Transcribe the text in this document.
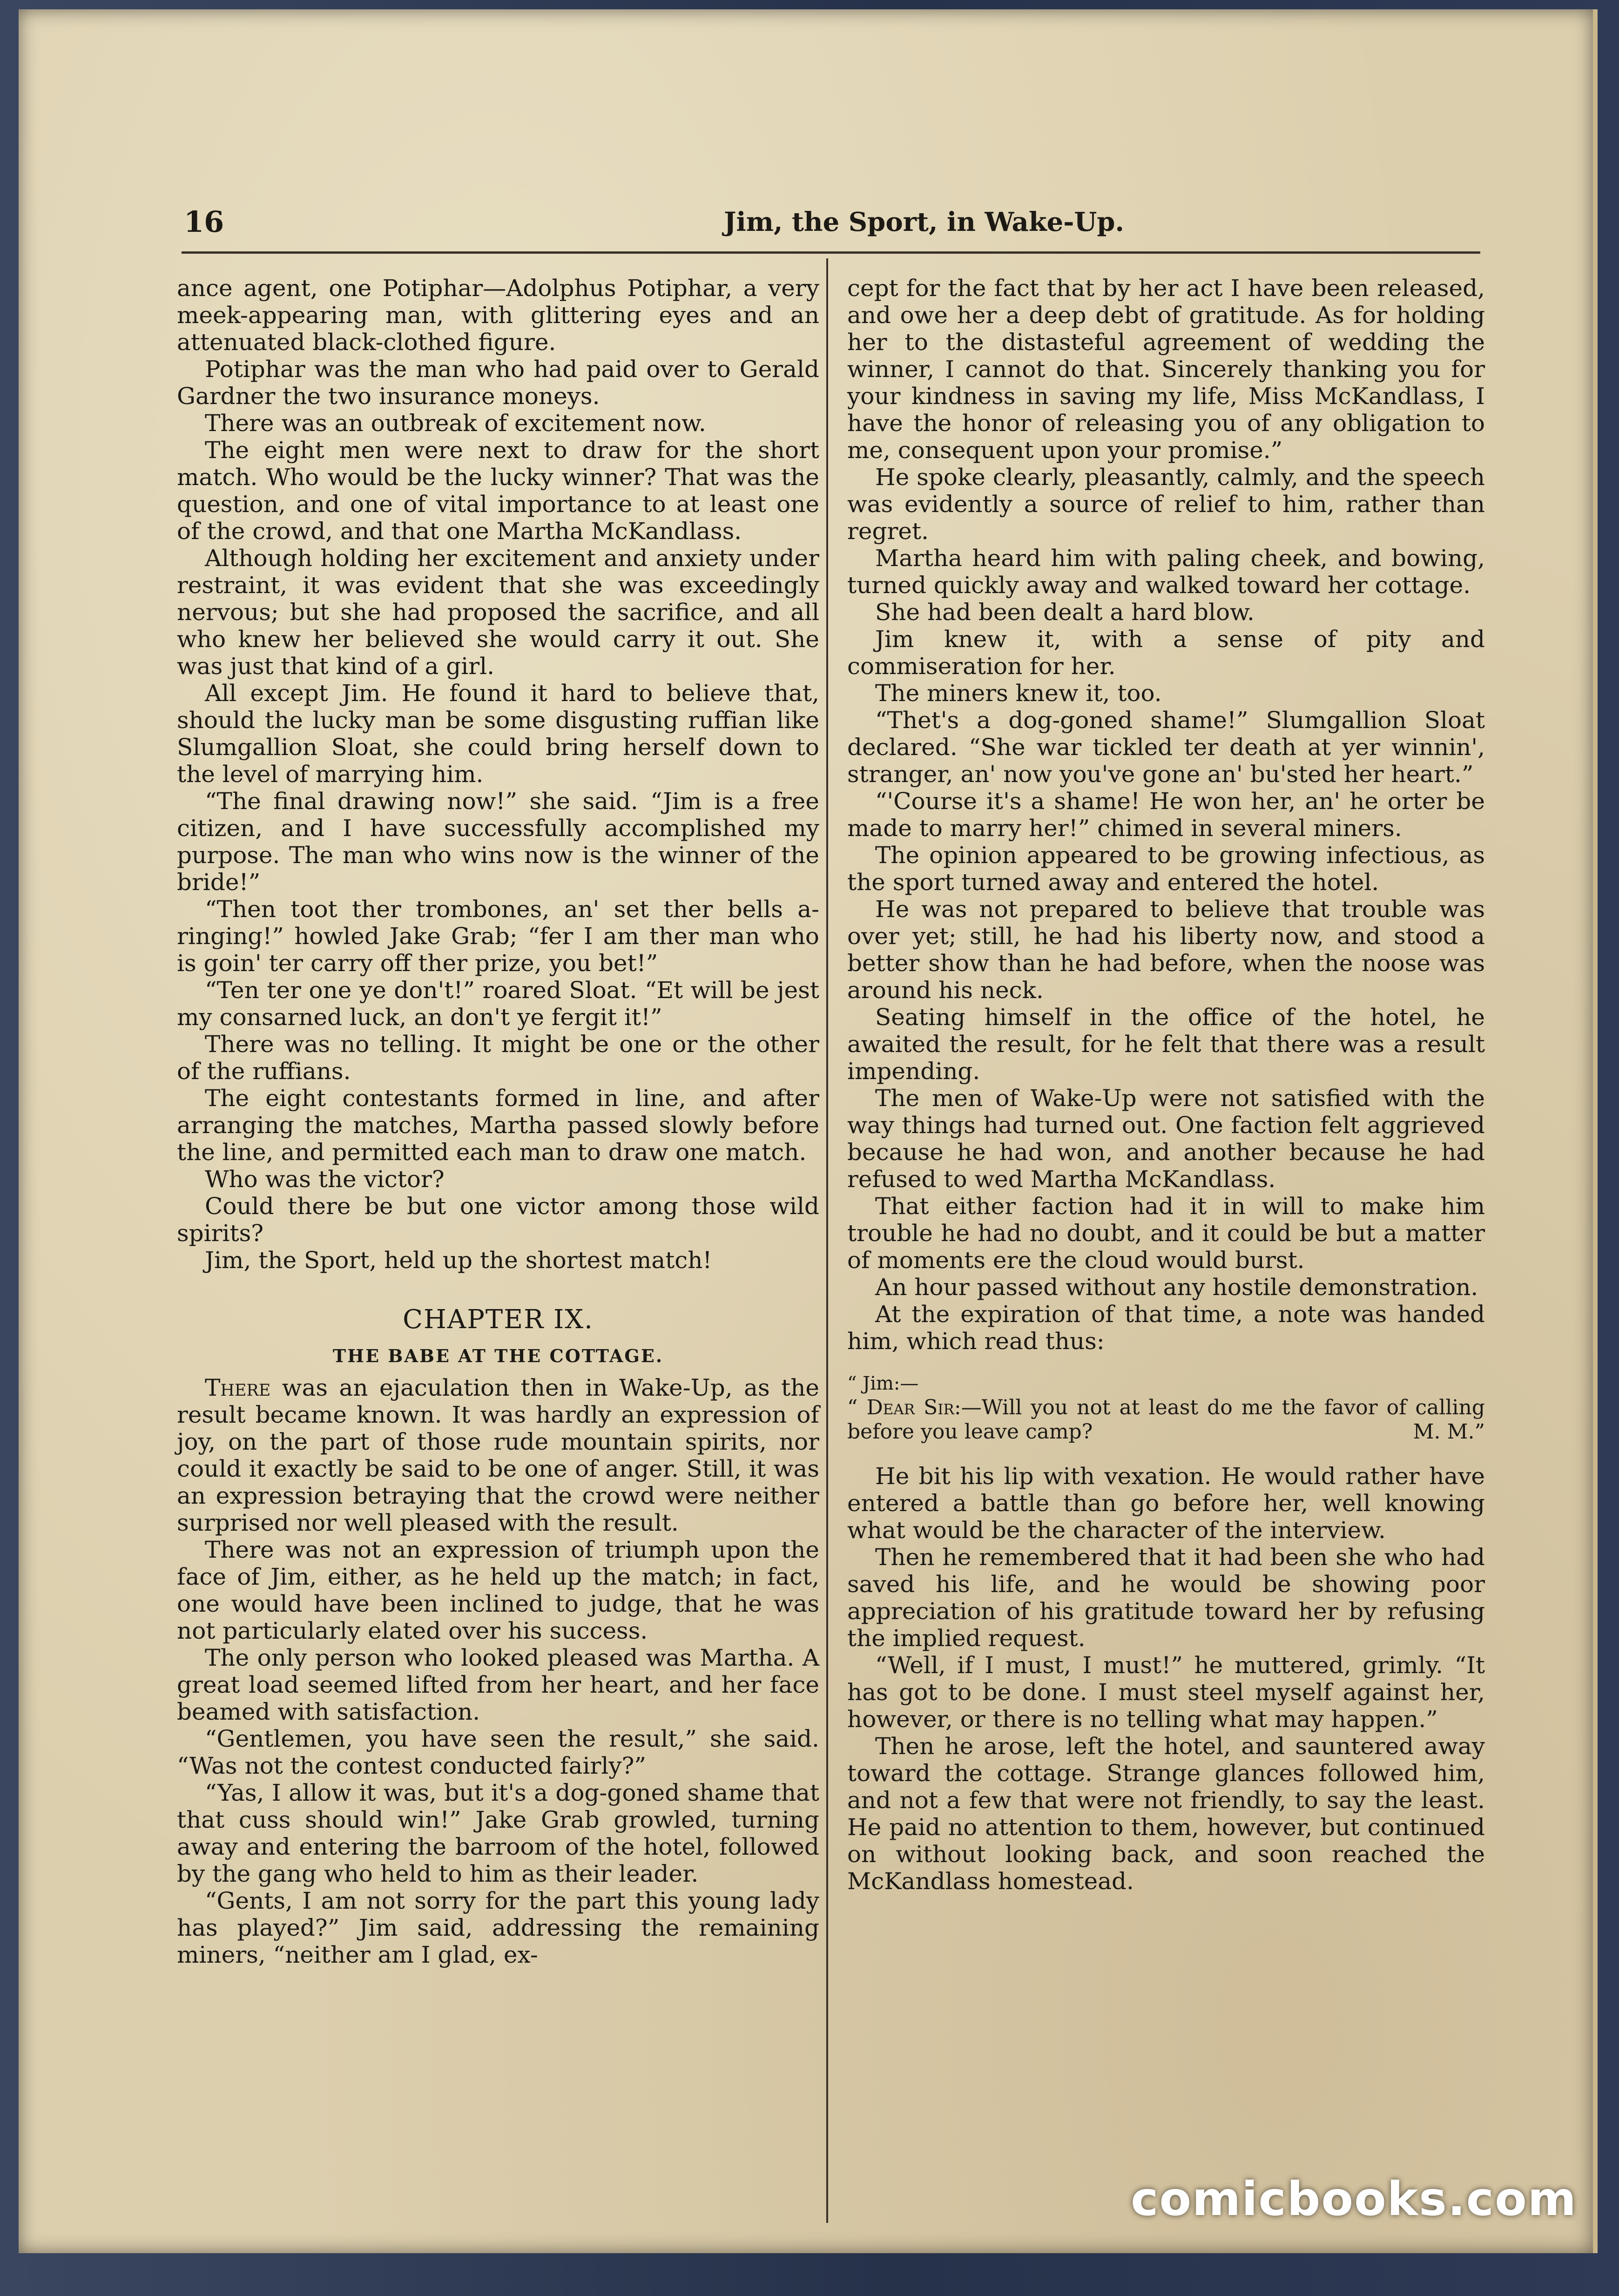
16	Jim, the Sport, in Wake-Up.

ance agent, one Potiphar—Adolphus Potiphar, a very meek-appearing man, with glittering eyes and an attenuated black-clothed figure.

Potiphar was the man who had paid over to Gerald Gardner the two insurance moneys.

There was an outbreak of excitement now.

The eight men were next to draw for the short match. Who would be the lucky winner? That was the question, and one of vital importance to at least one of the crowd, and that one Martha McKandlass.

Although holding her excitement and anxiety under restraint, it was evident that she was exceedingly nervous; but she had proposed the sacrifice, and all who knew her believed she would carry it out. She was just that kind of a girl.

All except Jim. He found it hard to believe that, should the lucky man be some disgusting ruffian like Slumgallion Sloat, she could bring herself down to the level of marrying him.

“The final drawing now!” she said. “Jim is a free citizen, and I have successfully accomplished my purpose. The man who wins now is the winner of the bride!”

“Then toot ther trombones, an' set ther bells a-ringing!” howled Jake Grab; “fer I am ther man who is goin' ter carry off ther prize, you bet!”

“Ten ter one ye don't!” roared Sloat. “Et will be jest my consarned luck, an don't ye fergit it!”

There was no telling. It might be one or the other of the ruffians.

The eight contestants formed in line, and after arranging the matches, Martha passed slowly before the line, and permitted each man to draw one match.

Who was the victor?

Could there be but one victor among those wild spirits?

Jim, the Sport, held up the shortest match!

CHAPTER IX.
THE BABE AT THE COTTAGE.

There was an ejaculation then in Wake-Up, as the result became known. It was hardly an expression of joy, on the part of those rude mountain spirits, nor could it exactly be said to be one of anger. Still, it was an expression betraying that the crowd were neither surprised nor well pleased with the result.

There was not an expression of triumph upon the face of Jim, either, as he held up the match; in fact, one would have been inclined to judge, that he was not particularly elated over his success.

The only person who looked pleased was Martha. A great load seemed lifted from her heart, and her face beamed with satisfaction.

“Gentlemen, you have seen the result,” she said. “Was not the contest conducted fairly?”

“Yas, I allow it was, but it's a dog-goned shame that that cuss should win!” Jake Grab growled, turning away and entering the barroom of the hotel, followed by the gang who held to him as their leader.

“Gents, I am not sorry for the part this young lady has played?” Jim said, addressing the remaining miners, “neither am I glad, ex-

cept for the fact that by her act I have been released, and owe her a deep debt of gratitude. As for holding her to the distasteful agreement of wedding the winner, I cannot do that. Sincerely thanking you for your kindness in saving my life, Miss McKandlass, I have the honor of releasing you of any obligation to me, consequent upon your promise.”

He spoke clearly, pleasantly, calmly, and the speech was evidently a source of relief to him, rather than regret.

Martha heard him with paling cheek, and bowing, turned quickly away and walked toward her cottage.

She had been dealt a hard blow.

Jim knew it, with a sense of pity and commiseration for her.

The miners knew it, too.

“Thet's a dog-goned shame!” Slumgallion Sloat declared. “She war tickled ter death at yer winnin', stranger, an' now you've gone an' bu'sted her heart.”

“'Course it's a shame! He won her, an' he orter be made to marry her!” chimed in several miners.

The opinion appeared to be growing infectious, as the sport turned away and entered the hotel.

He was not prepared to believe that trouble was over yet; still, he had his liberty now, and stood a better show than he had before, when the noose was around his neck.

Seating himself in the office of the hotel, he awaited the result, for he felt that there was a result impending.

The men of Wake-Up were not satisfied with the way things had turned out. One faction felt aggrieved because he had won, and another because he had refused to wed Martha McKandlass.

That either faction had it in will to make him trouble he had no doubt, and it could be but a matter of moments ere the cloud would burst.

An hour passed without any hostile demonstration.

At the expiration of that time, a note was handed him, which read thus:

“ Jim:—

“ Dear Sir:—Will you not at least do me the favor of calling before you leave camp?	M. M.”

He bit his lip with vexation. He would rather have entered a battle than go before her, well knowing what would be the character of the interview.

Then he remembered that it had been she who had saved his life, and he would be showing poor appreciation of his gratitude toward her by refusing the implied request.

“Well, if I must, I must!” he muttered, grimly. “It has got to be done. I must steel myself against her, however, or there is no telling what may happen.”

Then he arose, left the hotel, and sauntered away toward the cottage. Strange glances followed him, and not a few that were not friendly, to say the least. He paid no attention to them, however, but continued on without looking back, and soon reached the McKandlass homestead.

comicbooks.com
